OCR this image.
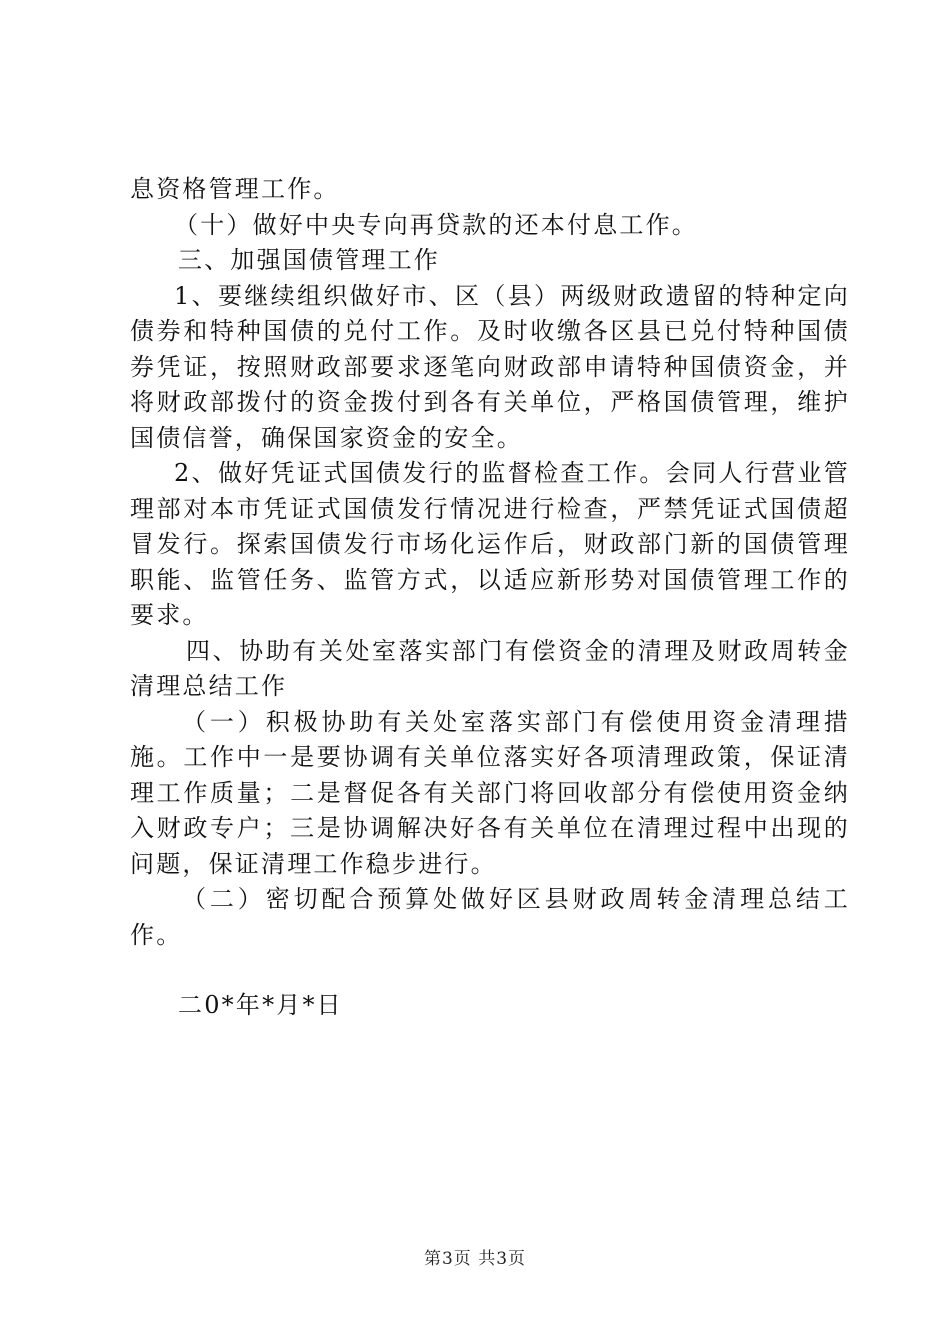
息资格管理工作。

（十）做好中央专向再贷款的还本付息工作。

三、加强国债管理工作

1、要继续组织做好市、区（县）两级财政遗留的特种定向债券和特种国债的兑付工作。及时收缴各区县已兑付特种国债券凭证，按照财政部要求逐笔向财政部申请特种国债资金，并将财政部拨付的资金拨付到各有关单位，严格国债管理，维护国债信誉，确保国家资金的安全。

2、做好凭证式国债发行的监督检查工作。会同人行营业管理部对本市凭证式国债发行情况进行检查，严禁凭证式国债超冒发行。探索国债发行市场化运作后，财政部门新的国债管理职能、监管任务、监管方式，以适应新形势对国债管理工作的要求。

四、协助有关处室落实部门有偿资金的清理及财政周转金清理总结工作

（一）积极协助有关处室落实部门有偿使用资金清理措施。工作中一是要协调有关单位落实好各项清理政策，保证清理工作质量；二是督促各有关部门将回收部分有偿使用资金纳入财政专户；三是协调解决好各有关单位在清理过程中出现的问题，保证清理工作稳步进行。

（二）密切配合预算处做好区县财政周转金清理总结工作。

二0*年*月*日

第3页 共3页
